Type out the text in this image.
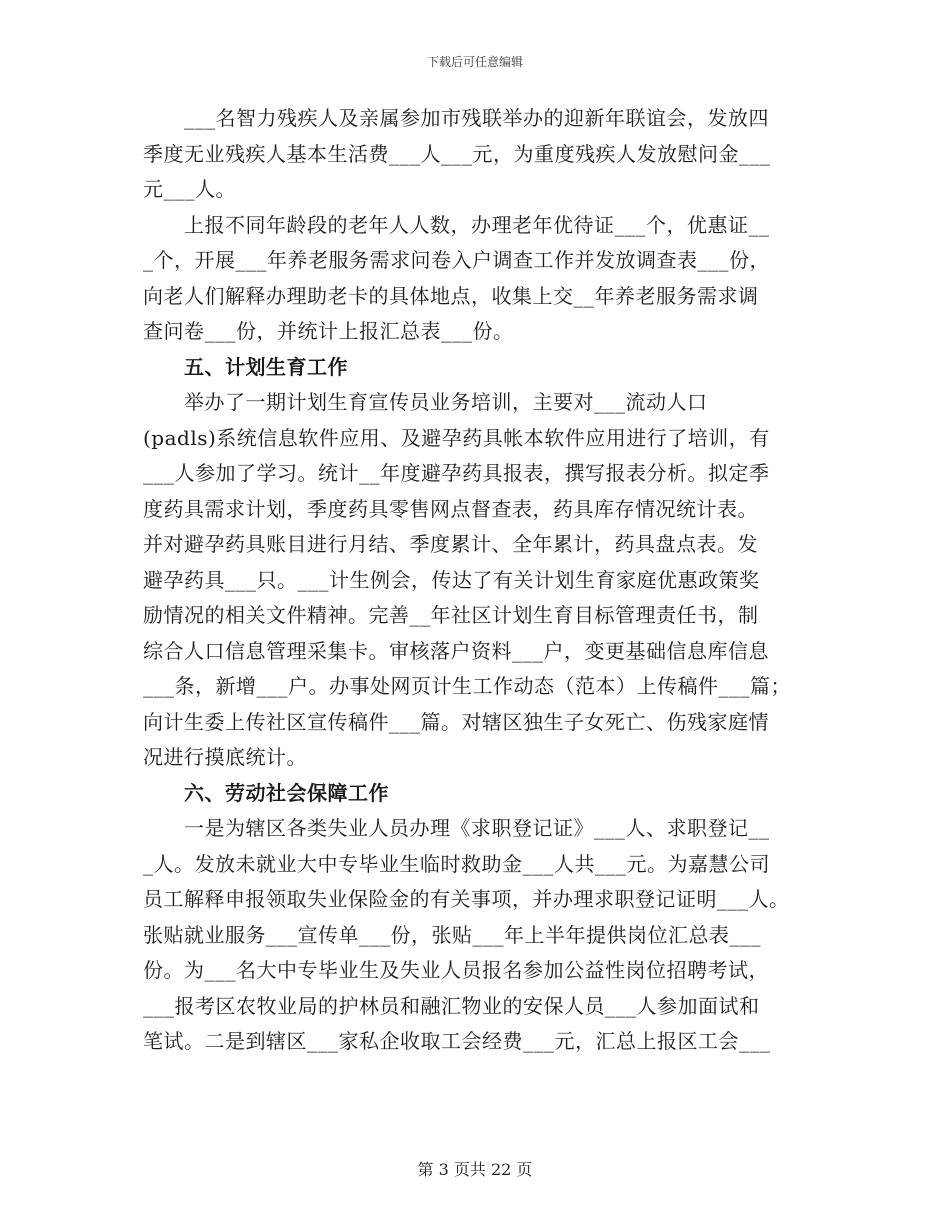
下载后可任意编辑
　　___名智力残疾人及亲属参加市残联举办的迎新年联谊会，发放四
季度无业残疾人基本生活费___人___元，为重度残疾人发放慰问金___
元___人。
　　上报不同年龄段的老年人人数，办理老年优待证___个，优惠证__
_个，开展___年养老服务需求问卷入户调查工作并发放调查表___份，
向老人们解释办理助老卡的具体地点，收集上交__年养老服务需求调
查问卷___份，并统计上报汇总表___份。
　　五、计划生育工作
　　举办了一期计划生育宣传员业务培训，主要对___流动人口
(padls)系统信息软件应用、及避孕药具帐本软件应用进行了培训，有
___人参加了学习。统计__年度避孕药具报表，撰写报表分析。拟定季
度药具需求计划，季度药具零售网点督查表，药具库存情况统计表。
并对避孕药具账目进行月结、季度累计、全年累计，药具盘点表。发
避孕药具___只。___计生例会，传达了有关计划生育家庭优惠政策奖
励情况的相关文件精神。完善__年社区计划生育目标管理责任书，制
综合人口信息管理采集卡。审核落户资料___户，变更基础信息库信息
___条，新增___户。办事处网页计生工作动态（范本）上传稿件___篇；
向计生委上传社区宣传稿件___篇。对辖区独生子女死亡、伤残家庭情
况进行摸底统计。
　　六、劳动社会保障工作
　　一是为辖区各类失业人员办理《求职登记证》___人、求职登记__
_人。发放未就业大中专毕业生临时救助金___人共___元。为嘉慧公司
员工解释申报领取失业保险金的有关事项，并办理求职登记证明___人。
张贴就业服务___宣传单___份，张贴___年上半年提供岗位汇总表___
份。为___名大中专毕业生及失业人员报名参加公益性岗位招聘考试，
___报考区农牧业局的护林员和融汇物业的安保人员___人参加面试和
笔试。二是到辖区___家私企收取工会经费___元，汇总上报区工会___
第 3 页共 22 页
